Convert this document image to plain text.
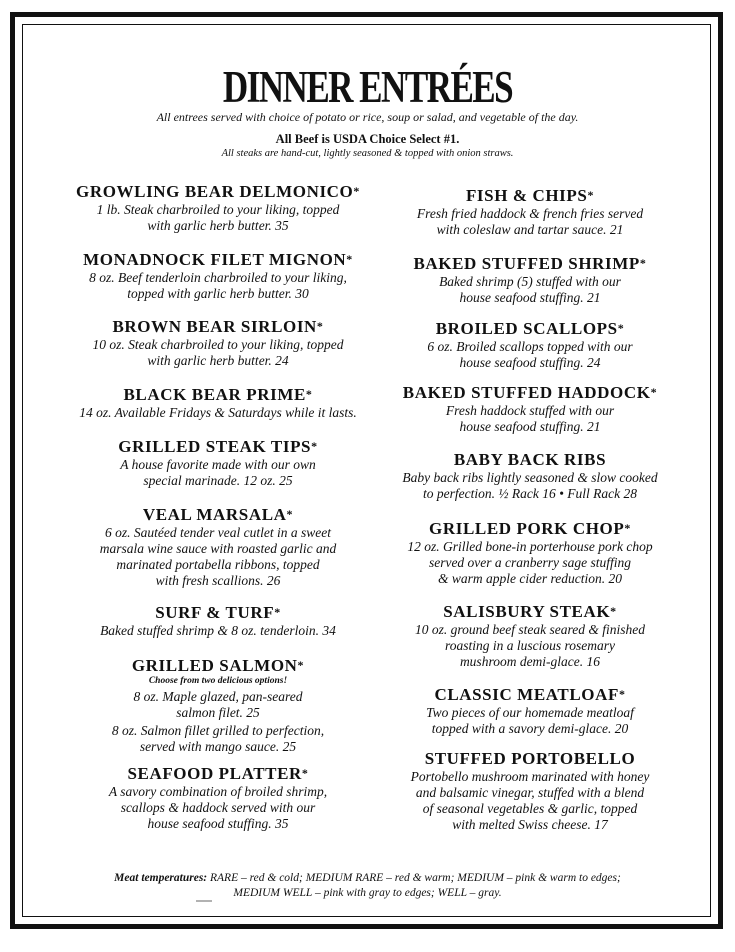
DINNER ENTRÉES
All entrees served with choice of potato or rice, soup or salad, and vegetable of the day.
All Beef is USDA Choice Select #1.
All steaks are hand-cut, lightly seasoned & topped with onion straws.
GROWLING BEAR DELMONICO*
1 lb. Steak charbroiled to your liking, topped
with garlic herb butter. 35
MONADNOCK FILET MIGNON*
8 oz. Beef tenderloin charbroiled to your liking,
topped with garlic herb butter. 30
BROWN BEAR SIRLOIN*
10 oz. Steak charbroiled to your liking, topped
with garlic herb butter. 24
BLACK BEAR PRIME*
14 oz. Available Fridays & Saturdays while it lasts.
GRILLED STEAK TIPS*
A house favorite made with our own
special marinade. 12 oz. 25
VEAL MARSALA*
6 oz. Sautéed tender veal cutlet in a sweet
marsala wine sauce with roasted garlic and
marinated portabella ribbons, topped
with fresh scallions. 26
SURF & TURF*
Baked stuffed shrimp & 8 oz. tenderloin. 34
GRILLED SALMON*
Choose from two delicious options!
8 oz. Maple glazed, pan-seared
salmon filet. 25
8 oz. Salmon fillet grilled to perfection,
served with mango sauce. 25
SEAFOOD PLATTER*
A savory combination of broiled shrimp,
scallops & haddock served with our
house seafood stuffing. 35
FISH & CHIPS*
Fresh fried haddock & french fries served
with coleslaw and tartar sauce. 21
BAKED STUFFED SHRIMP*
Baked shrimp (5) stuffed with our
house seafood stuffing. 21
BROILED SCALLOPS*
6 oz. Broiled scallops topped with our
house seafood stuffing. 24
BAKED STUFFED HADDOCK*
Fresh haddock stuffed with our
house seafood stuffing. 21
BABY BACK RIBS
Baby back ribs lightly seasoned & slow cooked
to perfection. ½ Rack 16 • Full Rack 28
GRILLED PORK CHOP*
12 oz. Grilled bone-in porterhouse pork chop
served over a cranberry sage stuffing
& warm apple cider reduction. 20
SALISBURY STEAK*
10 oz. ground beef steak seared & finished
roasting in a luscious rosemary
mushroom demi-glace. 16
CLASSIC MEATLOAF*
Two pieces of our homemade meatloaf
topped with a savory demi-glace. 20
STUFFED PORTOBELLO
Portobello mushroom marinated with honey
and balsamic vinegar, stuffed with a blend
of seasonal vegetables & garlic, topped
with melted Swiss cheese. 17
Meat temperatures: RARE – red & cold; MEDIUM RARE – red & warm; MEDIUM – pink & warm to edges;
MEDIUM WELL – pink with gray to edges; WELL – gray.
